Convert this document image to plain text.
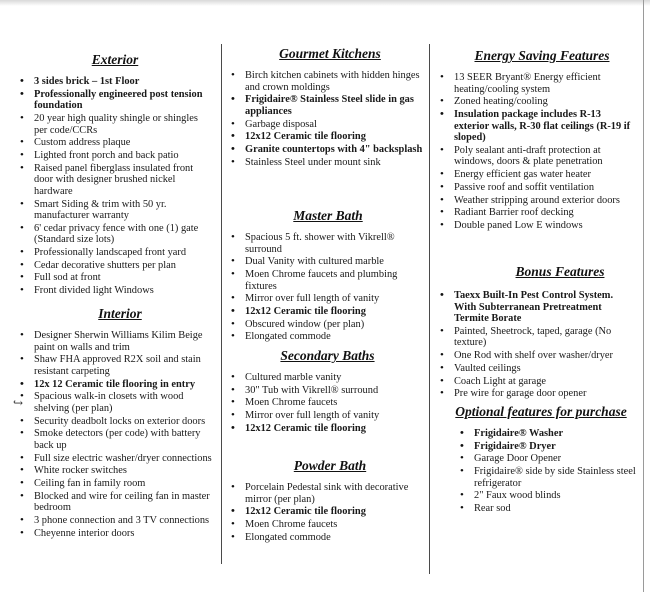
↪
Exterior
• 3 sides brick – 1st Floor
• Professionally engineered post tension foundation
• 20 year high quality shingle or shingles per code/CCRs
• Custom address plaque
• Lighted front porch and back patio
• Raised panel fiberglass insulated front door with designer brushed nickel hardware
• Smart Siding & trim with 50 yr. manufacturer warranty
• 6' cedar privacy fence with one (1) gate (Standard size lots)
• Professionally landscaped front yard
• Cedar decorative shutters per plan
• Full sod at front
• Front divided light Windows
Interior
• Designer Sherwin Williams Kilim Beige paint on walls and trim
• Shaw FHA approved R2X soil and stain resistant carpeting
• 12x 12 Ceramic tile flooring in entry
• Spacious walk-in closets with wood shelving (per plan)
• Security deadbolt locks on exterior doors
• Smoke detectors (per code) with battery back up
• Full size electric washer/dryer connections
• White rocker switches
• Ceiling fan in family room
• Blocked and wire for ceiling fan in master bedroom
• 3 phone connection and 3 TV connections
• Cheyenne interior doors
Gourmet Kitchens
• Birch kitchen cabinets with hidden hinges and crown moldings
• Frigidaire® Stainless Steel slide in gas appliances
• Garbage disposal
• 12x12 Ceramic tile flooring
• Granite countertops with 4" backsplash
• Stainless Steel under mount sink
Master Bath
• Spacious 5 ft. shower with Vikrell® surround
• Dual Vanity with cultured marble
• Moen Chrome faucets and plumbing fixtures
• Mirror over full length of vanity
• 12x12 Ceramic tile flooring
• Obscured window (per plan)
• Elongated commode
Secondary Baths
• Cultured marble vanity
• 30" Tub with Vikrell® surround
• Moen Chrome faucets
• Mirror over full length of vanity
• 12x12 Ceramic tile flooring
Powder Bath
• Porcelain Pedestal sink with decorative mirror (per plan)
• 12x12 Ceramic tile flooring
• Moen Chrome faucets
• Elongated commode
Energy Saving Features
• 13 SEER Bryant® Energy efficient heating/cooling system
• Zoned heating/cooling
• Insulation package includes R-13 exterior walls, R-30 flat ceilings (R-19 if sloped)
• Poly sealant anti-draft protection at windows, doors & plate penetration
• Energy efficient gas water heater
• Passive roof and soffit ventilation
• Weather stripping around exterior doors
• Radiant Barrier roof decking
• Double paned Low E windows
Bonus Features
• Taexx Built-In Pest Control System. With Subterranean Pretreatment Termite Borate
• Painted, Sheetrock, taped, garage (No texture)
• One Rod with shelf over washer/dryer
• Vaulted ceilings
• Coach Light at garage
• Pre wire for garage door opener
Optional features for purchase
• Frigidaire® Washer
• Frigidaire® Dryer
• Garage Door Opener
• Frigidaire® side by side Stainless steel refrigerator
• 2" Faux wood blinds
• Rear sod
